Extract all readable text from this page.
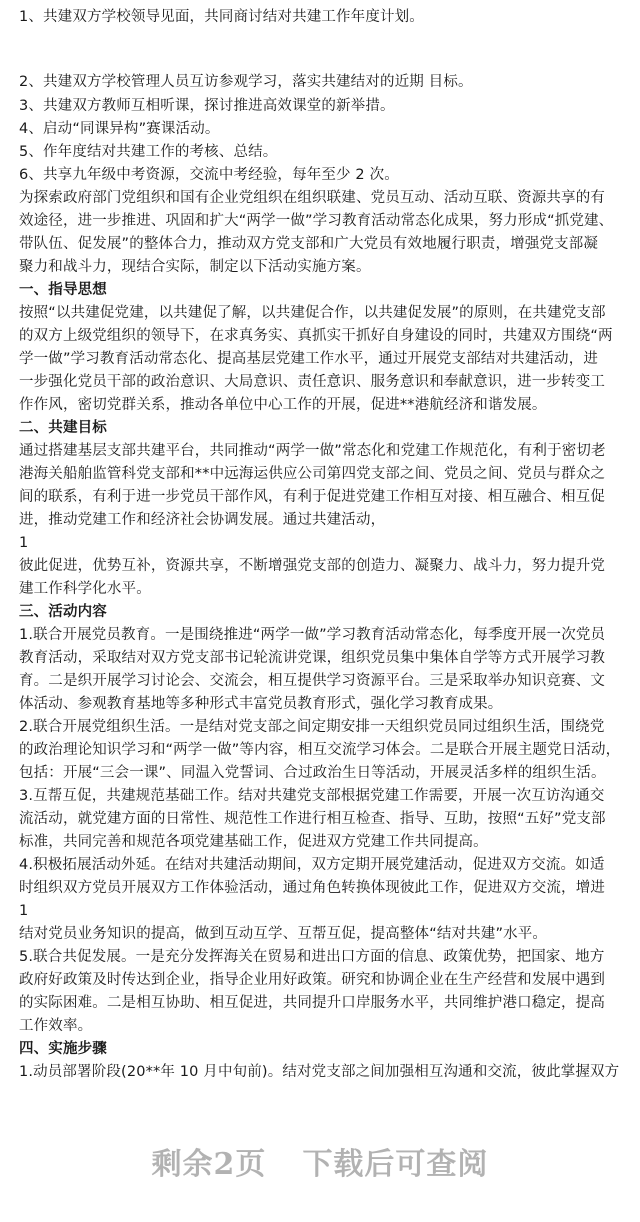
1、共建双方学校领导见面，共同商讨结对共建工作年度计划。
2、共建双方学校管理人员互访参观学习，落实共建结对的近期 目标。
3、共建双方教师互相听课，探讨推进高效课堂的新举措。
4、启动“同课异构”赛课活动。
5、作年度结对共建工作的考核、总结。
6、共享九年级中考资源，交流中考经验，每年至少 2 次。
为探索政府部门党组织和国有企业党组织在组织联建、党员互动、活动互联、资源共享的有
效途径，进一步推进、巩固和扩大“两学一做”学习教育活动常态化成果，努力形成“抓党建、
带队伍、促发展”的整体合力，推动双方党支部和广大党员有效地履行职责，增强党支部凝
聚力和战斗力，现结合实际，制定以下活动实施方案。
一、指导思想
按照“以共建促党建，以共建促了解，以共建促合作，以共建促发展”的原则，在共建党支部
的双方上级党组织的领导下，在求真务实、真抓实干抓好自身建设的同时，共建双方围绕“两
学一做”学习教育活动常态化、提高基层党建工作水平，通过开展党支部结对共建活动，进
一步强化党员干部的政治意识、大局意识、责任意识、服务意识和奉献意识，进一步转变工
作作风，密切党群关系，推动各单位中心工作的开展，促进**港航经济和谐发展。
二、共建目标
通过搭建基层支部共建平台，共同推动“两学一做”常态化和党建工作规范化，有利于密切老
港海关船舶监管科党支部和**中远海运供应公司第四党支部之间、党员之间、党员与群众之
间的联系，有利于进一步党员干部作风，有利于促进党建工作相互对接、相互融合、相互促
进，推动党建工作和经济社会协调发展。通过共建活动，
1
彼此促进，优势互补，资源共享，不断增强党支部的创造力、凝聚力、战斗力，努力提升党
建工作科学化水平。
三、活动内容
1.联合开展党员教育。一是围绕推进“两学一做”学习教育活动常态化，每季度开展一次党员
教育活动，采取结对双方党支部书记轮流讲党课，组织党员集中集体自学等方式开展学习教
育。二是织开展学习讨论会、交流会，相互提供学习资源平台。三是采取举办知识竞赛、文
体活动、参观教育基地等多种形式丰富党员教育形式，强化学习教育成果。
2.联合开展党组织生活。一是结对党支部之间定期安排一天组织党员同过组织生活，围绕党
的政治理论知识学习和“两学一做”等内容，相互交流学习体会。二是联合开展主题党日活动，
包括：开展“三会一课”、同温入党誓词、合过政治生日等活动，开展灵活多样的组织生活。
3.互帮互促，共建规范基础工作。结对共建党支部根据党建工作需要，开展一次互访沟通交
流活动，就党建方面的日常性、规范性工作进行相互检查、指导、互助，按照“五好”党支部
标准，共同完善和规范各项党建基础工作，促进双方党建工作共同提高。
4.积极拓展活动外延。在结对共建活动期间，双方定期开展党建活动，促进双方交流。如适
时组织双方党员开展双方工作体验活动，通过角色转换体现彼此工作，促进双方交流，增进
1
结对党员业务知识的提高，做到互动互学、互帮互促，提高整体“结对共建”水平。
5.联合共促发展。一是充分发挥海关在贸易和进出口方面的信息、政策优势，把国家、地方
政府好政策及时传达到企业，指导企业用好政策。研究和协调企业在生产经营和发展中遇到
的实际困难。二是相互协助、相互促进，共同提升口岸服务水平，共同维护港口稳定，提高
工作效率。
四、实施步骤
1.动员部署阶段(20**年 10 月中旬前)。结对党支部之间加强相互沟通和交流，彼此掌握双方
剩余2页 下载后可查阅
